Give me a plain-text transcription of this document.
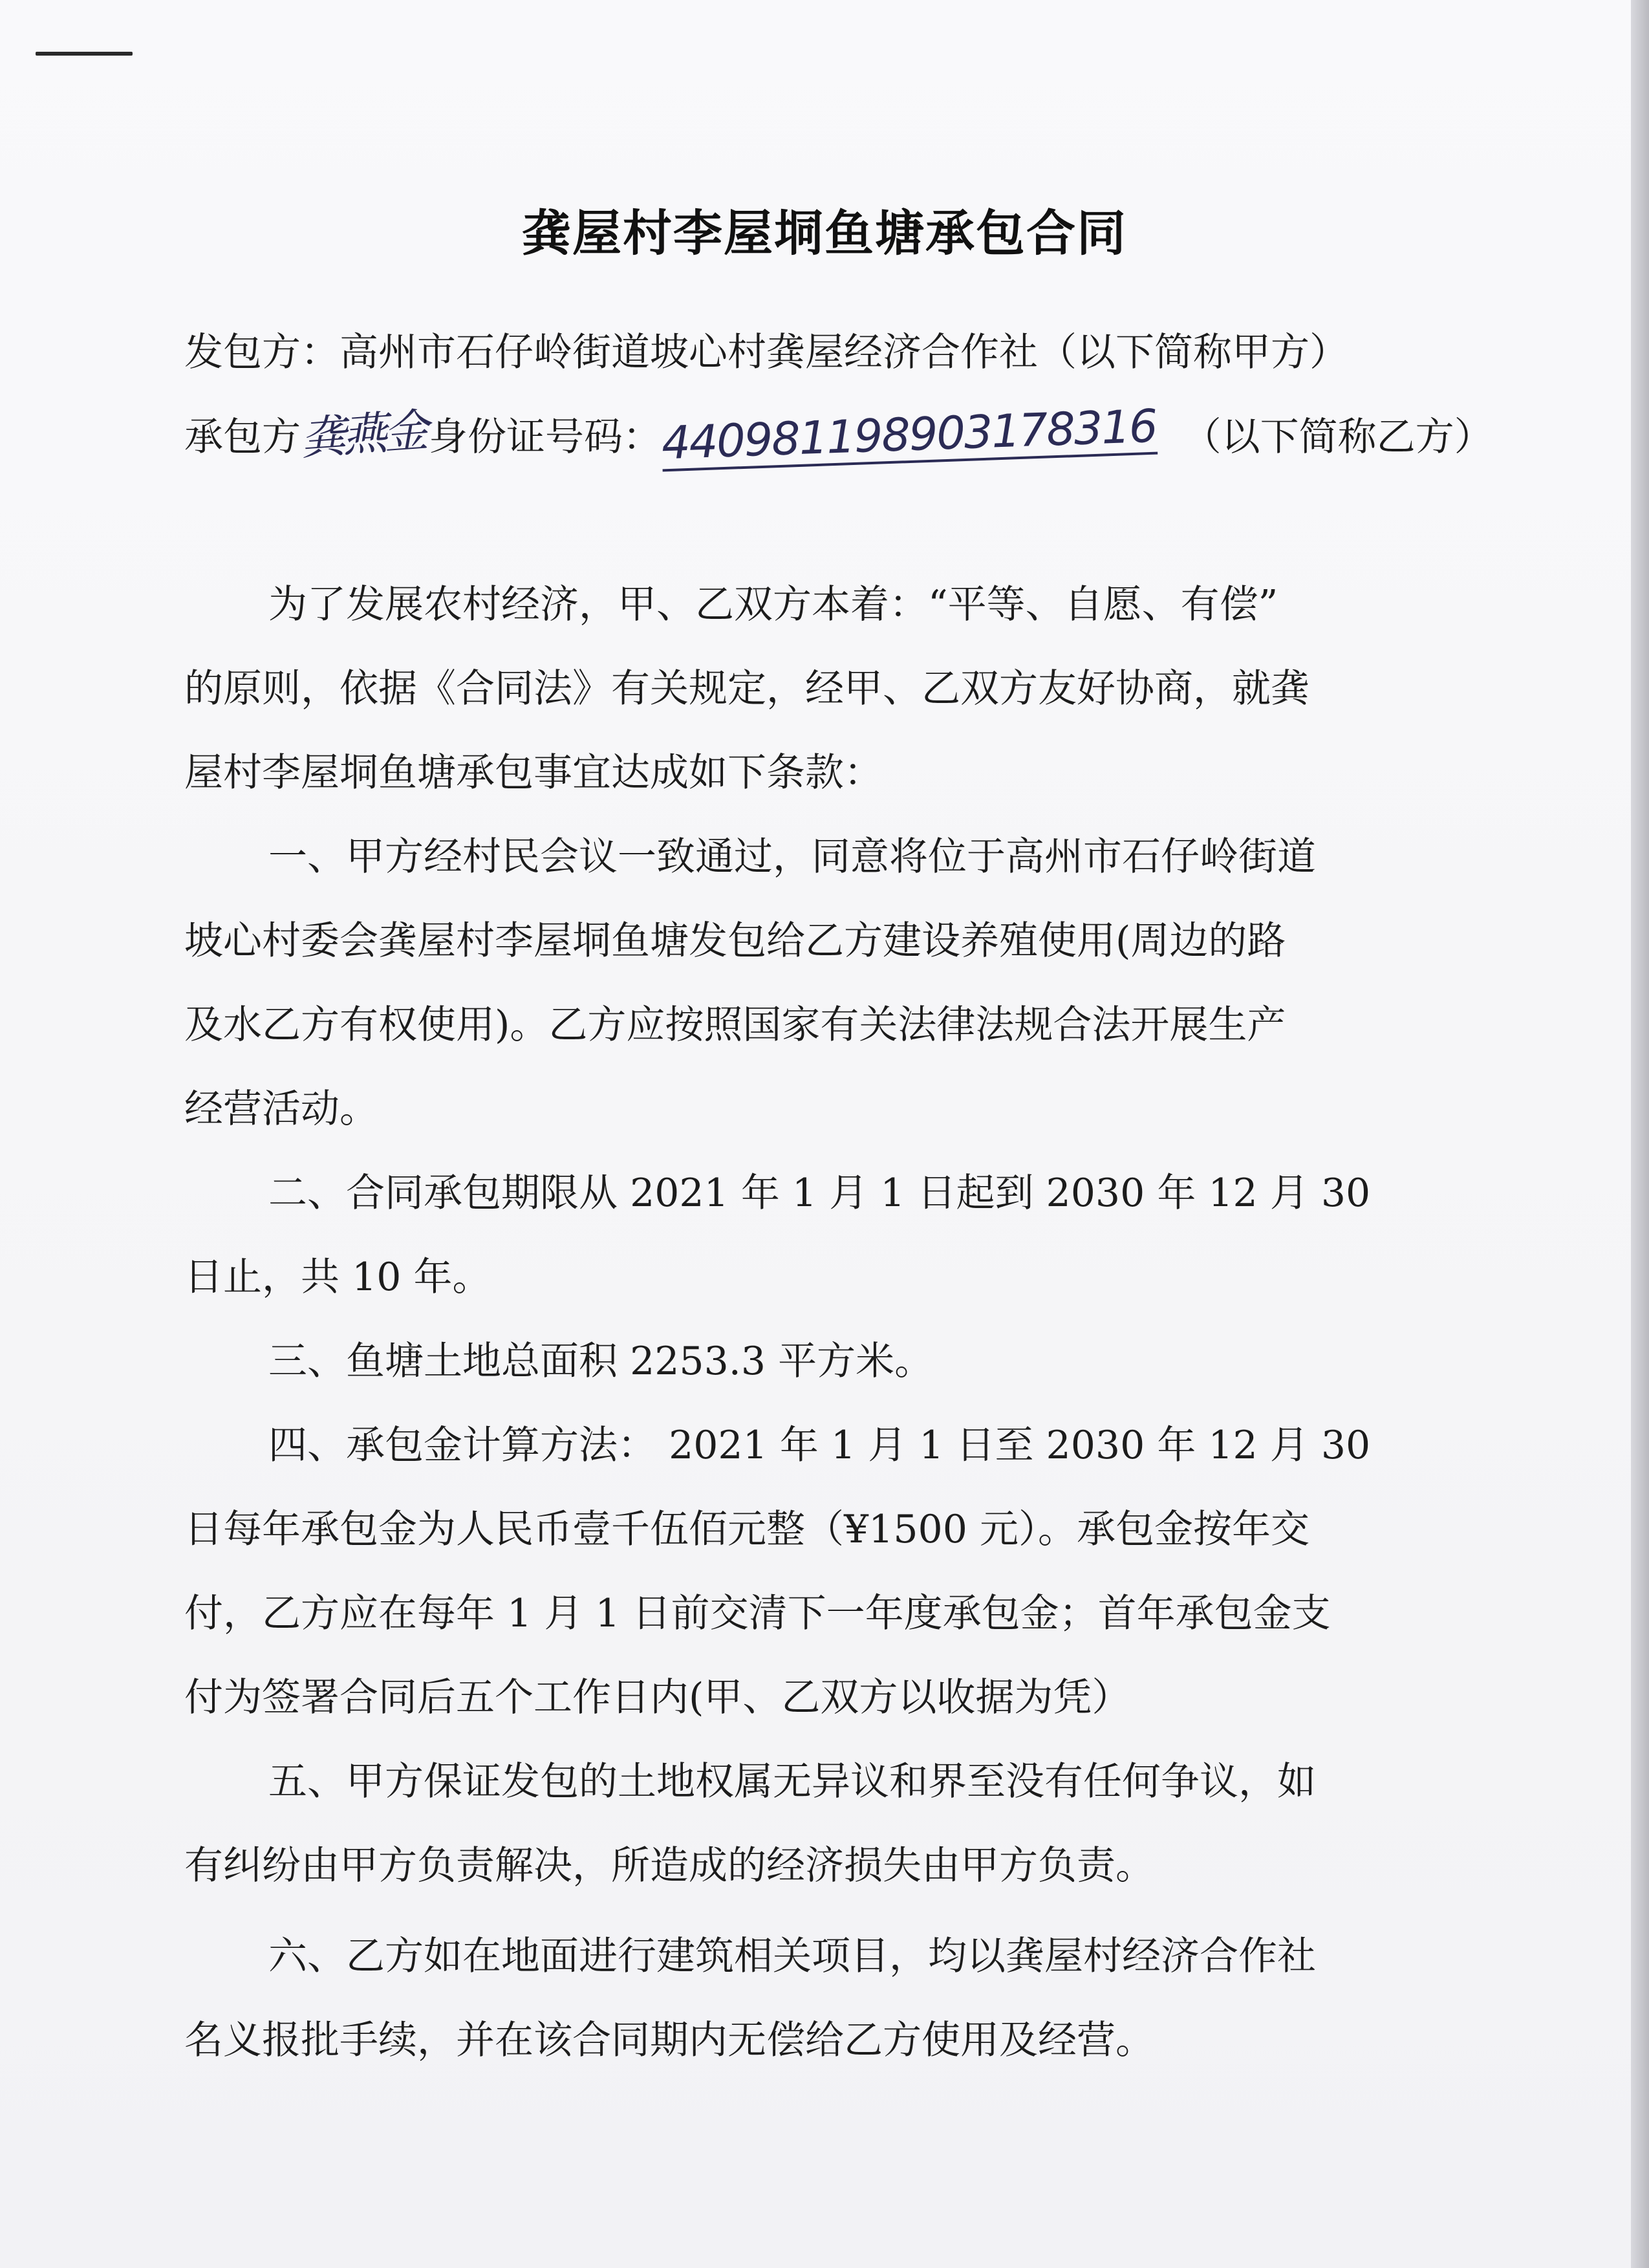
龚屋村李屋垌鱼塘承包合同
发包方：高州市石仔岭街道坡心村龚屋经济合作社（以下简称甲方）
承包方龚燕金身份证号码：440981198903178316 （以下简称乙方）
为了发展农村经济，甲、乙双方本着：“平等、自愿、有偿”
的原则，依据《合同法》有关规定，经甲、乙双方友好协商，就龚
屋村李屋垌鱼塘承包事宜达成如下条款：
一、甲方经村民会议一致通过，同意将位于高州市石仔岭街道
坡心村委会龚屋村李屋垌鱼塘发包给乙方建设养殖使用(周边的路
及水乙方有权使用)。乙方应按照国家有关法律法规合法开展生产
经营活动。
二、合同承包期限从 2021 年 1 月 1 日起到 2030 年 12 月 30
日止，共 10 年。
三、鱼塘土地总面积 2253.3 平方米。
四、承包金计算方法： 2021 年 1 月 1 日至 2030 年 12 月 30
日每年承包金为人民币壹千伍佰元整（¥1500 元）。承包金按年交
付，乙方应在每年 1 月 1 日前交清下一年度承包金；首年承包金支
付为签署合同后五个工作日内(甲、乙双方以收据为凭）
五、甲方保证发包的土地权属无异议和界至没有任何争议，如
有纠纷由甲方负责解决，所造成的经济损失由甲方负责。
六、乙方如在地面进行建筑相关项目，均以龚屋村经济合作社
名义报批手续，并在该合同期内无偿给乙方使用及经营。
